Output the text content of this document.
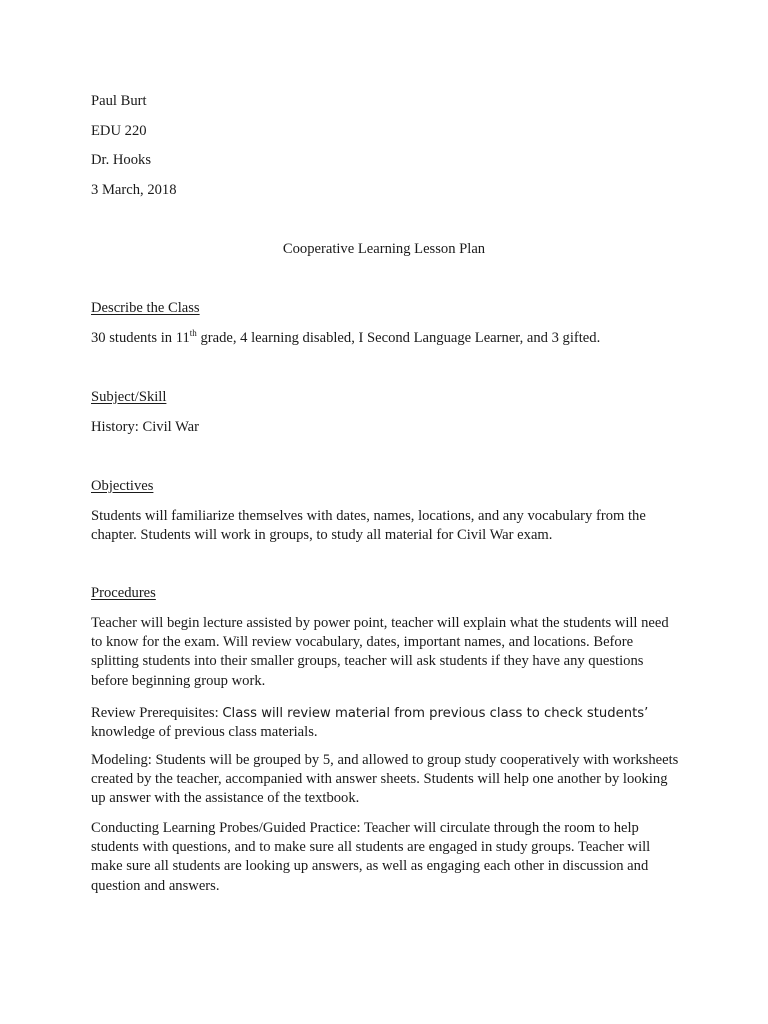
Paul Burt

EDU 220

Dr. Hooks

3 March, 2018

Cooperative Learning Lesson Plan

Describe the Class

30 students in 11th grade, 4 learning disabled, I Second Language Learner, and 3 gifted.

Subject/Skill

History: Civil War

Objectives

Students will familiarize themselves with dates, names, locations, and any vocabulary from the chapter. Students will work in groups, to study all material for Civil War exam.

Procedures

Teacher will begin lecture assisted by power point, teacher will explain what the students will need to know for the exam. Will review vocabulary, dates, important names, and locations. Before splitting students into their smaller groups, teacher will ask students if they have any questions before beginning group work.

Review Prerequisites: Class will review material from previous class to check students’ knowledge of previous class materials.

Modeling: Students will be grouped by 5, and allowed to group study cooperatively with worksheets created by the teacher, accompanied with answer sheets. Students will help one another by looking up answer with the assistance of the textbook.

Conducting Learning Probes/Guided Practice: Teacher will circulate through the room to help students with questions, and to make sure all students are engaged in study groups. Teacher will make sure all students are looking up answers, as well as engaging each other in discussion and question and answers.
